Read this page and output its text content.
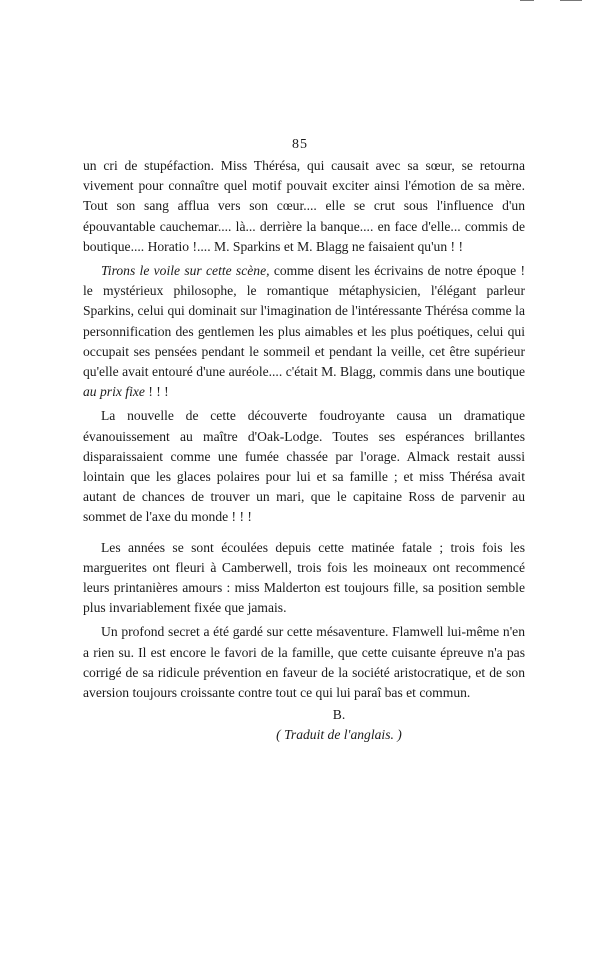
85

un cri de stupéfaction. Miss Thérésa, qui causait avec sa sœur, se retourna vivement pour connaître quel motif pouvait exciter ainsi l'émotion de sa mère. Tout son sang afflua vers son cœur.... elle se crut sous l'influence d'un épouvantable cauchemar.... là... derrière la banque.... en face d'elle... commis de boutique.... Horatio !.... M. Sparkins et M. Blagg ne faisaient qu'un ! !

Tirons le voile sur cette scène, comme disent les écrivains de notre époque ! le mystérieux philosophe, le romantique métaphysicien, l'élégant parleur Sparkins, celui qui dominait sur l'imagination de l'intéressante Thérésa comme la personnification des gentlemen les plus aimables et les plus poétiques, celui qui occupait ses pensées pendant le sommeil et pendant la veille, cet être supérieur qu'elle avait entouré d'une auréole.... c'était M. Blagg, commis dans une boutique au prix fixe ! ! !

La nouvelle de cette découverte foudroyante causa un dramatique évanouissement au maître d'Oak-Lodge. Toutes ses espérances brillantes disparaissaient comme une fumée chassée par l'orage. Almack restait aussi lointain que les glaces polaires pour lui et sa famille ; et miss Thérésa avait autant de chances de trouver un mari, que le capitaine Ross de parvenir au sommet de l'axe du monde ! ! !

Les années se sont écoulées depuis cette matinée fatale ; trois fois les marguerites ont fleuri à Camberwell, trois fois les moineaux ont recommencé leurs printanières amours : miss Malderton est toujours fille, sa position semble plus invariablement fixée que jamais.

Un profond secret a été gardé sur cette mésaventure. Flamwell lui-même n'en a rien su. Il est encore le favori de la famille, que cette cuisante épreuve n'a pas corrigé de sa ridicule prévention en faveur de la société aristocratique, et de son aversion toujours croissante contre tout ce qui lui paraî bas et commun.

B.
( Traduit de l'anglais. )
